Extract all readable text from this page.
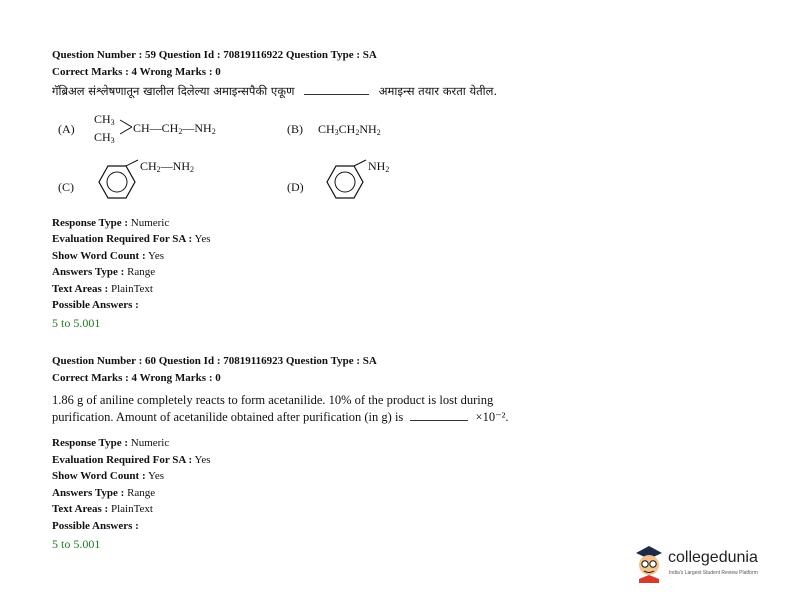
Question Number : 59 Question Id : 70819116922 Question Type : SA
Correct Marks : 4 Wrong Marks : 0
गॅब्रिअल संश्लेषणातून खालील दिलेल्या अमाइन्सपैकी एकूण	अमाइन्स तयार करता येतील.
(A)
$CH_3$
$CH_3$
$CH—CH_2—NH_2$	(B) $CH_3CH_2NH_2$
(C)
$CH_2—NH_2$
(D)
$NH_2$
Response Type : Numeric
Evaluation Required For SA : Yes
Show Word Count : Yes
Answers Type : Range
Text Areas : PlainText
Possible Answers :
5 to 5.001
Question Number : 60 Question Id : 70819116923 Question Type : SA
Correct Marks : 4 Wrong Marks : 0
1.86 g of aniline completely reacts to form acetanilide. 10% of the product is lost during
purification. Amount of acetanilide obtained after purification (in g) is	×10⁻².
Response Type : Numeric
Evaluation Required For SA : Yes
Show Word Count : Yes
Answers Type : Range
Text Areas : PlainText
Possible Answers :
5 to 5.001
collegedunia
India's Largest Student Review Platform
